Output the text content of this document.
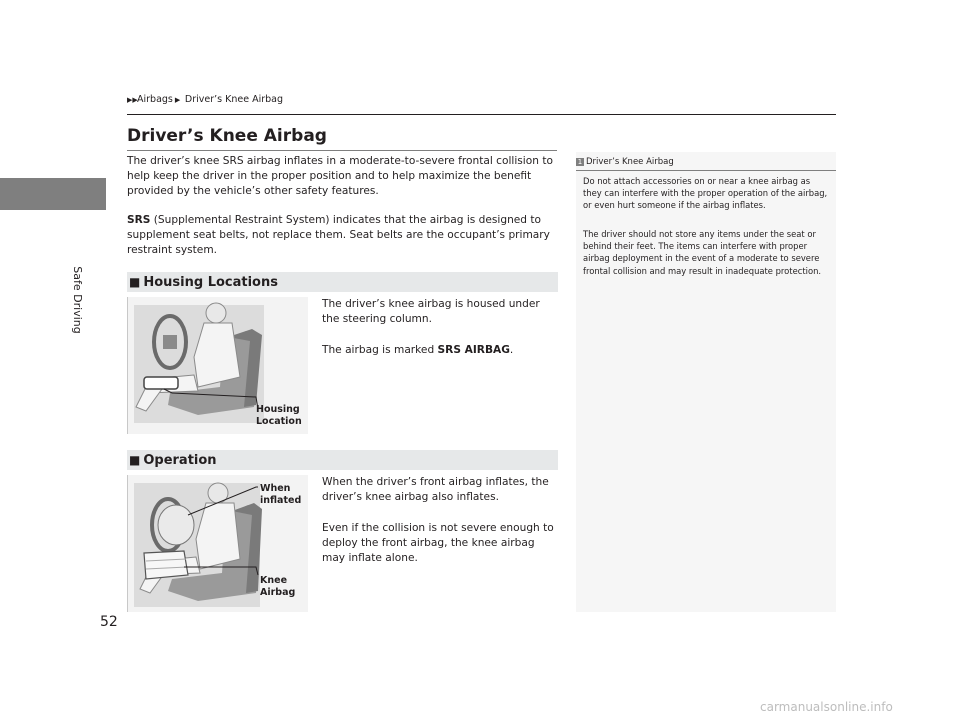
Safe Driving
▶▶ Airbags ▶ Driver’s Knee Airbag
Driver’s Knee Airbag
The driver’s knee SRS airbag inflates in a moderate-to-severe frontal collision to help keep the driver in the proper position and to help maximize the benefit provided by the vehicle’s other safety features.
SRS (Supplemental Restraint System) indicates that the airbag is designed to supplement seat belts, not replace them. Seat belts are the occupant’s primary restraint system.
■ Housing Locations
Housing
Location
The driver’s knee airbag is housed under the steering column.
The airbag is marked SRS AIRBAG.
■ Operation
When
inflated
Knee
Airbag
When the driver’s front airbag inflates, the driver’s knee airbag also inflates.
Even if the collision is not severe enough to deploy the front airbag, the knee airbag may inflate alone.
1 Driver’s Knee Airbag
Do not attach accessories on or near a knee airbag as they can interfere with the proper operation of the airbag, or even hurt someone if the airbag inflates.
The driver should not store any items under the seat or behind their feet. The items can interfere with proper airbag deployment in the event of a moderate to severe frontal collision and may result in inadequate protection.
52
carmanualsonline.info
